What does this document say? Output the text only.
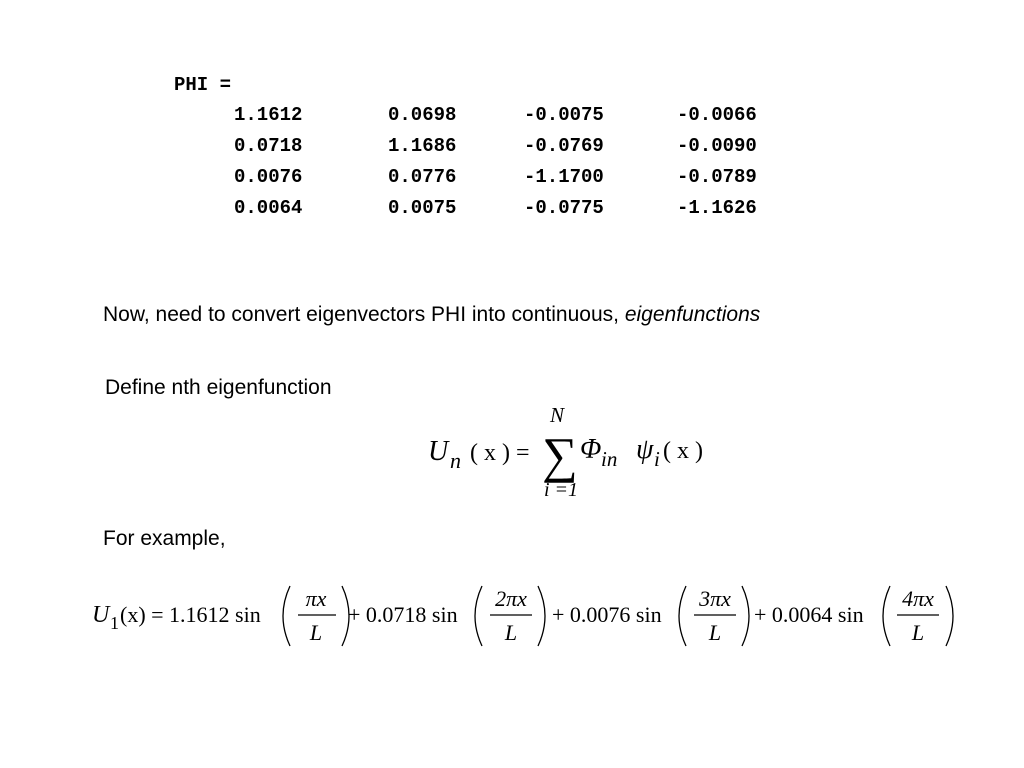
PHI =
1.1612	0.0698	-0.0075	-0.0066
0.0718	1.1686	-0.0769	-0.0090
0.0076	0.0776	-1.1700	-0.0789
0.0064	0.0075	-0.0775	-1.1626
Now, need to convert eigenvectors PHI into continuous, eigenfunctions
Define nth eigenfunction
For example,
U n ( x ) =
N
∑
i =1
Φ in ψ i ( x )
U 1 (x) = 1.1612 sin
πx
L
+ 0.0718 sin
2πx
L
+ 0.0076 sin
3πx
L
+ 0.0064 sin
4πx
L
